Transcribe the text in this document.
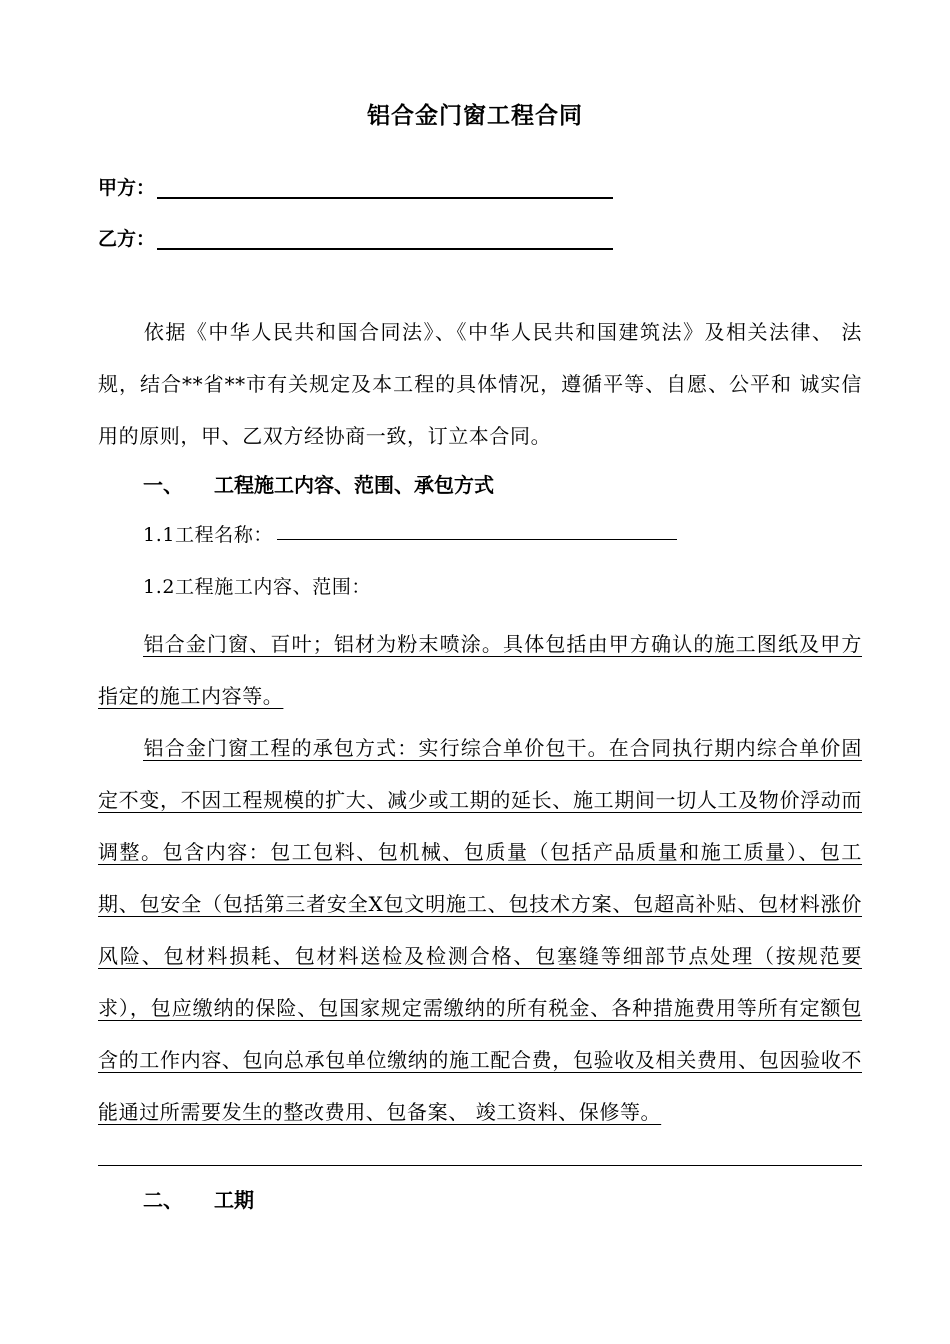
铝合金门窗工程合同
甲方：
乙方：
依据《中华人民共和国合同法》、《中华人民共和国建筑法》及相关法律、 法规，结合**省**市有关规定及本工程的具体情况，遵循平等、自愿、公平和 诚实信用的原则，甲、乙双方经协商一致，订立本合同。
一、 工程施工内容、范围、承包方式
1.1工程名称：
1.2工程施工内容、范围：
铝合金门窗、百叶；铝材为粉末喷涂。具体包括由甲方确认的施工图纸及甲方指定的施工内容等。
铝合金门窗工程的承包方式：实行综合单价包干。在合同执行期内综合单价固定不变，不因工程规模的扩大、减少或工期的延长、施工期间一切人工及物价浮动而调整。包含内容：包工包料、包机械、包质量（包括产品质量和施工质量）、包工期、包安全（包括第三者安全X包文明施工、包技术方案、包超高补贴、包材料涨价风险、包材料损耗、包材料送检及检测合格、包塞缝等细部节点处理（按规范要求），包应缴纳的保险、包国家规定需缴纳的所有税金、各种措施费用等所有定额包含的工作内容、包向总承包单位缴纳的施工配合费，包验收及相关费用、包因验收不能通过所需要发生的整改费用、包备案、 竣工资料、保修等。
二、 工期
